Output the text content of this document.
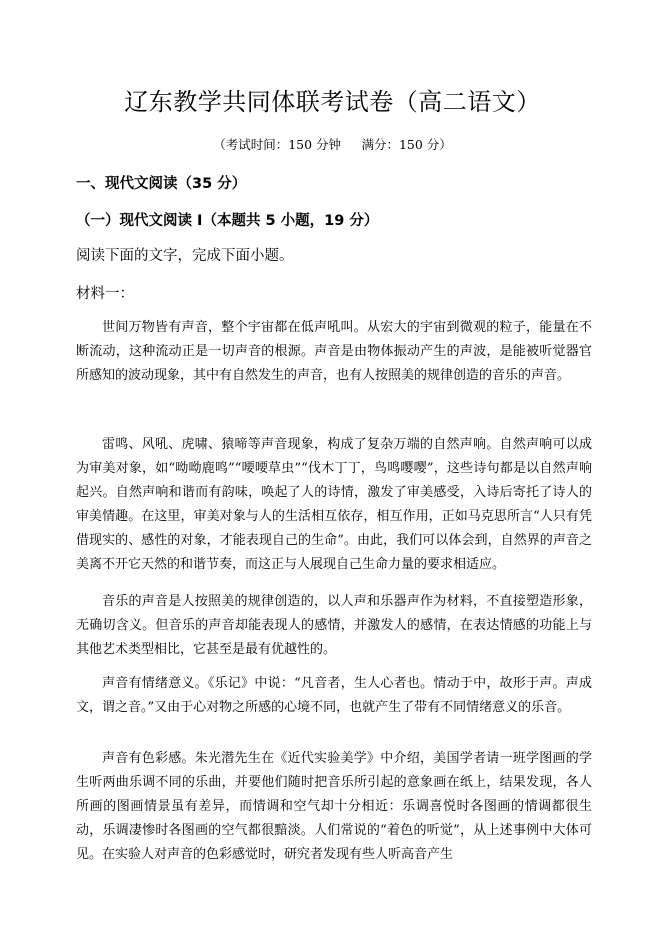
辽东教学共同体联考试卷（高二语文）
（考试时间：150 分钟　  满分：150 分）
一、现代文阅读（35 分）
（一）现代文阅读 I（本题共 5 小题，19 分）
阅读下面的文字，完成下面小题。
材料一：

世间万物皆有声音，整个宇宙都在低声吼叫。从宏大的宇宙到微观的粒子，能量在不断流动，这种流动正是一切声音的根源。声音是由物体振动产生的声波，是能被听觉器官所感知的波动现象，其中有自然发生的声音，也有人按照美的规律创造的音乐的声音。

雷鸣、风吼、虎啸、猿啼等声音现象，构成了复杂万端的自然声响。自然声响可以成为审美对象，如“呦呦鹿鸣”“喓喓草虫”“伐木丁丁，鸟鸣嘤嘤”，这些诗句都是以自然声响起兴。自然声响和谐而有韵味，唤起了人的诗情，激发了审美感受，入诗后寄托了诗人的审美情趣。在这里，审美对象与人的生活相互依存，相互作用，正如马克思所言“人只有凭借现实的、感性的对象，才能表现自己的生命”。由此，我们可以体会到，自然界的声音之美离不开它天然的和谐节奏，而这正与人展现自己生命力量的要求相适应。

音乐的声音是人按照美的规律创造的，以人声和乐器声作为材料，不直接塑造形象，无确切含义。但音乐的声音却能表现人的感情，并激发人的感情，在表达情感的功能上与其他艺术类型相比，它甚至是最有优越性的。

声音有情绪意义。《乐记》中说：“凡音者，生人心者也。情动于中，故形于声。声成文，谓之音。”又由于心对物之所感的心境不同，也就产生了带有不同情绪意义的乐音。

声音有色彩感。朱光潜先生在《近代实验美学》中介绍，美国学者请一班学图画的学生听两曲乐调不同的乐曲，并要他们随时把音乐所引起的意象画在纸上，结果发现，各人所画的图画情景虽有差异，而情调和空气却十分相近：乐调喜悦时各图画的情调都很生动，乐调凄惨时各图画的空气都很黯淡。人们常说的“着色的听觉”，从上述事例中大体可见。在实验人对声音的色彩感觉时，研究者发现有些人听高音产生
